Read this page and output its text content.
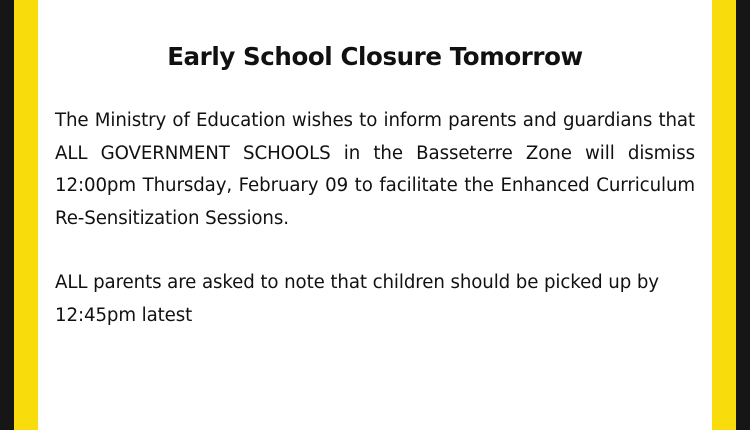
Early School Closure Tomorrow

The Ministry of Education wishes to inform parents and guardians that ALL GOVERNMENT SCHOOLS in the Basseterre Zone will dismiss 12:00pm Thursday, February 09 to facilitate the Enhanced Curriculum Re-Sensitization Sessions.

ALL parents are asked to note that children should be picked up by 12:45pm latest
